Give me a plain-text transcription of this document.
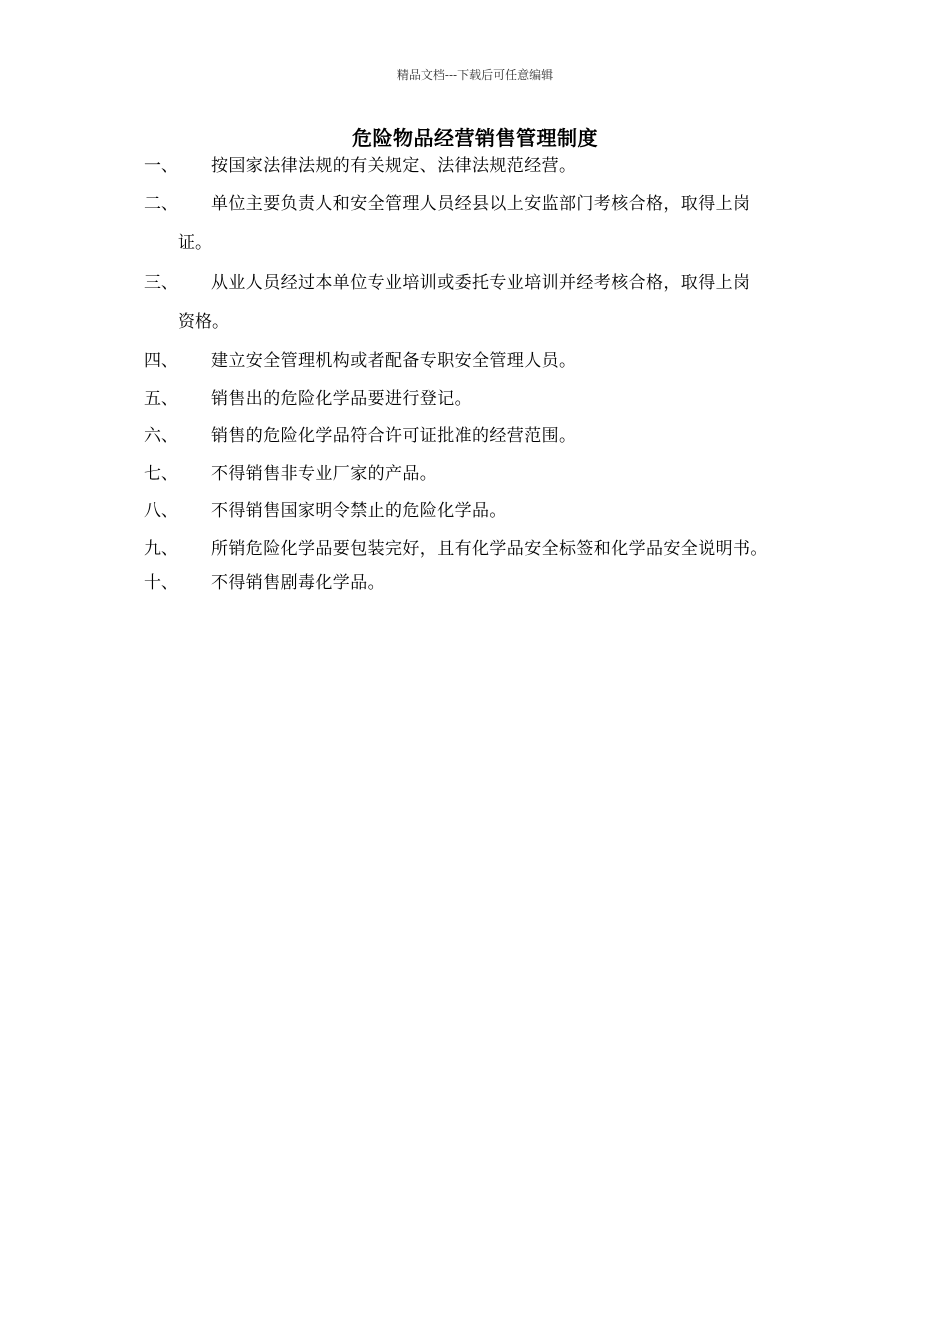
精品文档---下载后可任意编辑
危险物品经营销售管理制度
一、 按国家法律法规的有关规定、法律法规范经营。
二、 单位主要负责人和安全管理人员经县以上安监部门考核合格，取得上岗
证。
三、 从业人员经过本单位专业培训或委托专业培训并经考核合格，取得上岗
资格。
四、 建立安全管理机构或者配备专职安全管理人员。
五、 销售出的危险化学品要进行登记。
六、 销售的危险化学品符合许可证批准的经营范围。
七、 不得销售非专业厂家的产品。
八、 不得销售国家明令禁止的危险化学品。
九、 所销危险化学品要包装完好，且有化学品安全标签和化学品安全说明书。
十、 不得销售剧毒化学品。
